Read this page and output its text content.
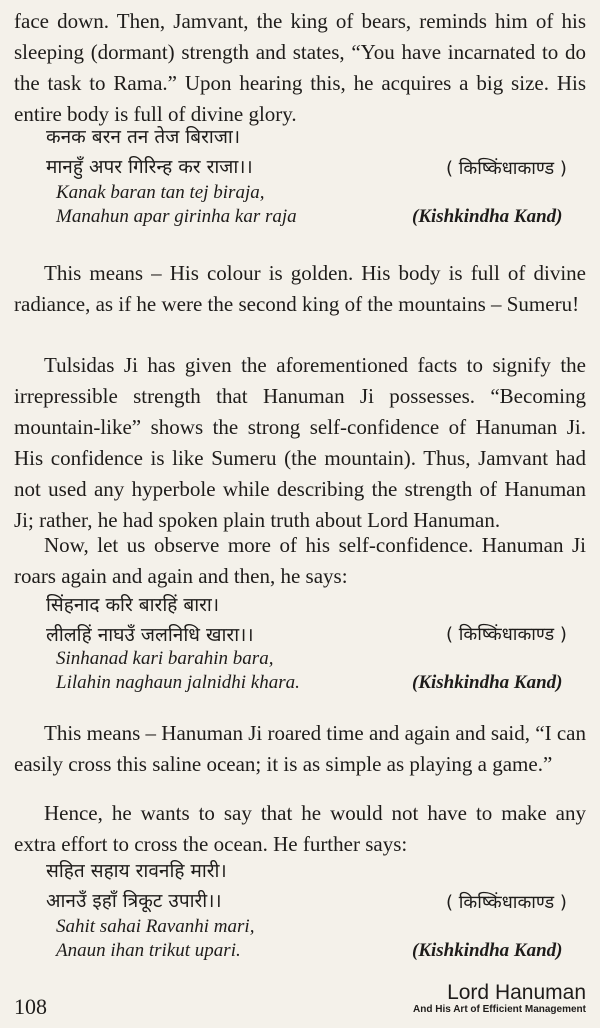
face down. Then, Jamvant, the king of bears, reminds him of his sleeping (dormant) strength and states, “You have incarnated to do the task to Rama.” Upon hearing this, he acquires a big size. His entire body is full of divine glory.

कनक बरन तन तेज बिराजा।
मानहुँ अपर गिरिन्ह कर राजा।।	( किष्किंधाकाण्ड )
Kanak baran tan tej biraja,
Manahun apar girinha kar raja	(Kishkindha Kand)

This means – His colour is golden. His body is full of divine radiance, as if he were the second king of the mountains – Sumeru!

Tulsidas Ji has given the aforementioned facts to signify the irrepressible strength that Hanuman Ji possesses. “Becoming mountain-like” shows the strong self-confidence of Hanuman Ji. His confidence is like Sumeru (the mountain). Thus, Jamvant had not used any hyperbole while describing the strength of Hanuman Ji; rather, he had spoken plain truth about Lord Hanuman.

Now, let us observe more of his self-confidence. Hanuman Ji roars again and again and then, he says:

सिंहनाद करि बारहिं बारा।
लीलहिं नाघउँ जलनिधि खारा।।	( किष्किंधाकाण्ड )
Sinhanad kari barahin bara,
Lilahin naghaun jalnidhi khara.	(Kishkindha Kand)

This means – Hanuman Ji roared time and again and said, “I can easily cross this saline ocean; it is as simple as playing a game.”

Hence, he wants to say that he would not have to make any extra effort to cross the ocean. He further says:

सहित सहाय रावनहि मारी।
आनउँ इहाँ त्रिकूट उपारी।।	( किष्किंधाकाण्ड )
Sahit sahai Ravanhi mari,
Anaun ihan trikut upari.	(Kishkindha Kand)
108
Lord Hanuman
And His Art of Efficient Management
